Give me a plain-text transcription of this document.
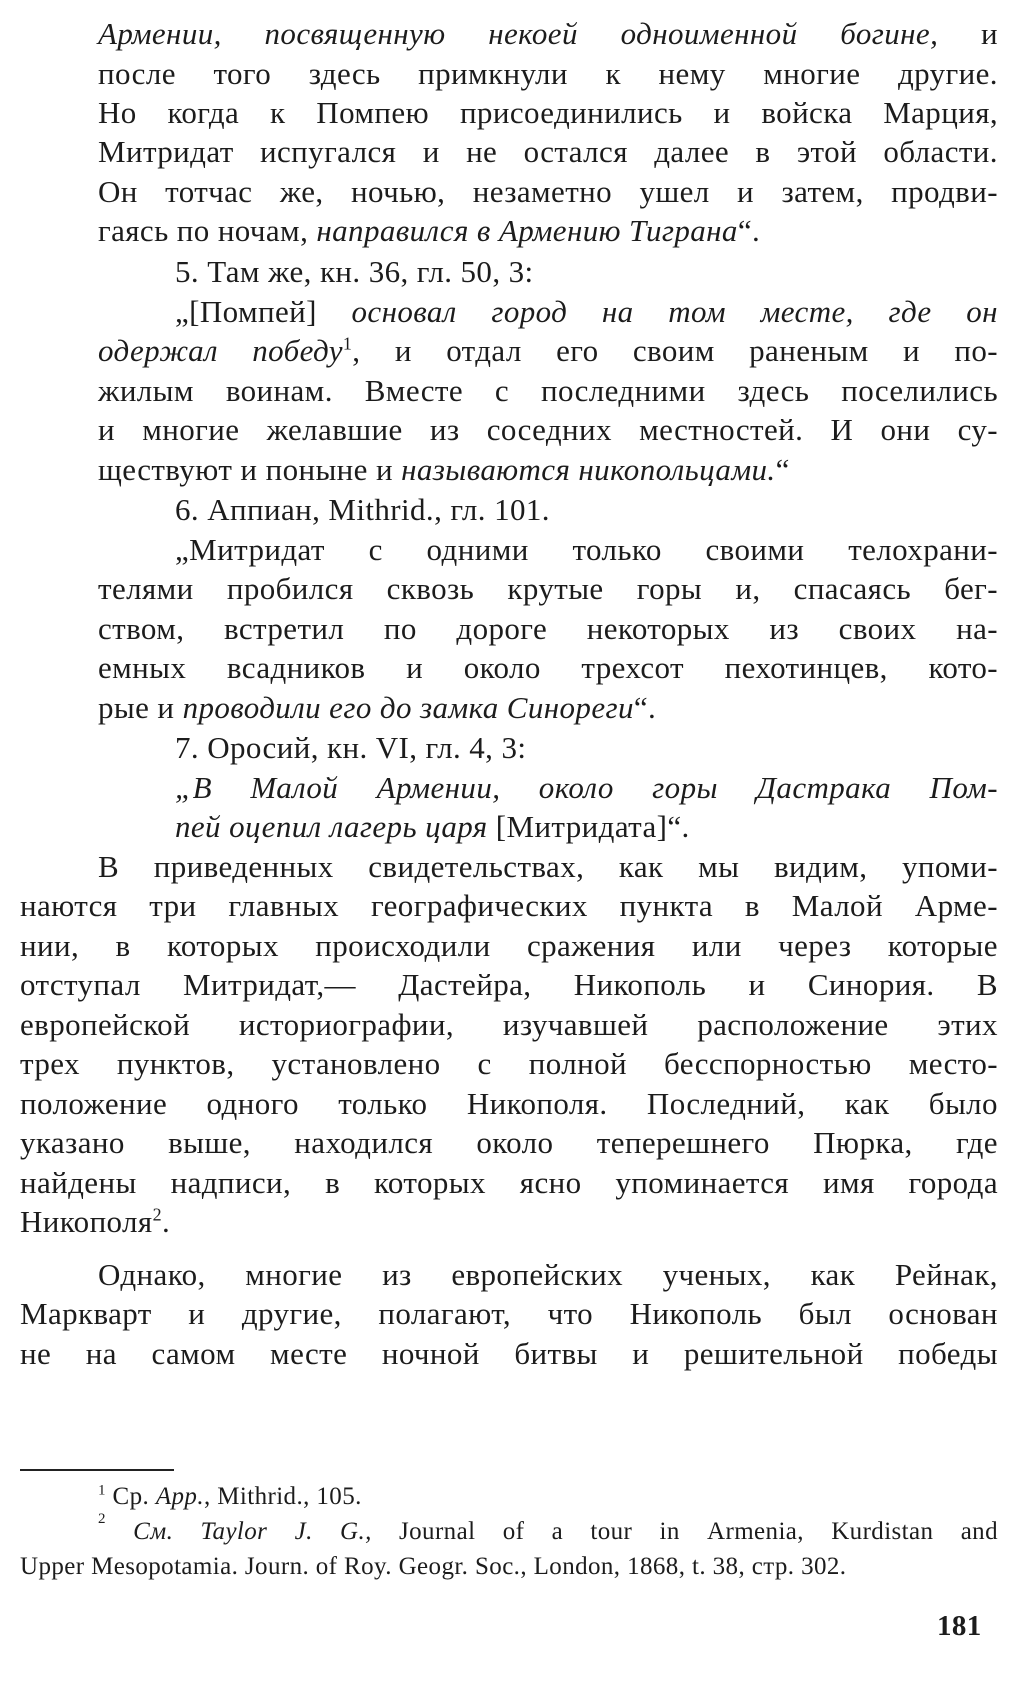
Армении, посвященную некоей одноименной богине, и
после того здесь примкнули к нему многие другие.
Но когда к Помпею присоединились и войска Марция,
Митридат испугался и не остался далее в этой области.
Он тотчас же, ночью, незаметно ушел и затем, продви-
гаясь по ночам, направился в Армению Тиграна“.
5. Там же, кн. 36, гл. 50, 3:
„[Помпей] основал город на том месте, где он
одержал победу$^1$, и отдал его своим раненым и по-
жилым воинам. Вместе с последними здесь поселились
и многие желавшие из соседних местностей. И они су-
ществуют и поныне и называются никопольцами.“
6. Аппиан, Mithrid., гл. 101.
„Митридат с одними только своими телохрани-
телями пробился сквозь крутые горы и, спасаясь бег-
ством, встретил по дороге некоторых из своих на-
емных всадников и около трехсот пехотинцев, кото-
рые и проводили его до замка Синореги“.
7. Оросий, кн. VI, гл. 4, 3:
„В Малой Армении, около горы Дастрака Пом-
пей оцепил лагерь царя [Митридата]“.
В приведенных свидетельствах, как мы видим, упоми-
наются три главных географических пункта в Малой Арме-
нии, в которых происходили сражения или через которые
отступал Митридат,— Дастейра, Никополь и Синория. В
европейской историографии, изучавшей расположение этих
трех пунктов, установлено с полной бесспорностью место-
положение одного только Никополя. Последний, как было
указано выше, находился около теперешнего Пюрка, где
найдены надписи, в которых ясно упоминается имя города
Никополя$^2$.
Однако, многие из европейских ученых, как Рейнак,
Маркварт и другие, полагают, что Никополь был основан
не на самом месте ночной битвы и решительной победы
$^1$ Ср. App., Mithrid., 105.
2 См. Taylor J. G., Journal of a tour in Armenia, Kurdistan and
Upper Mesopotamia. Journ. of Roy. Geogr. Soc., London, 1868, t. 38, стр. 302.
181
